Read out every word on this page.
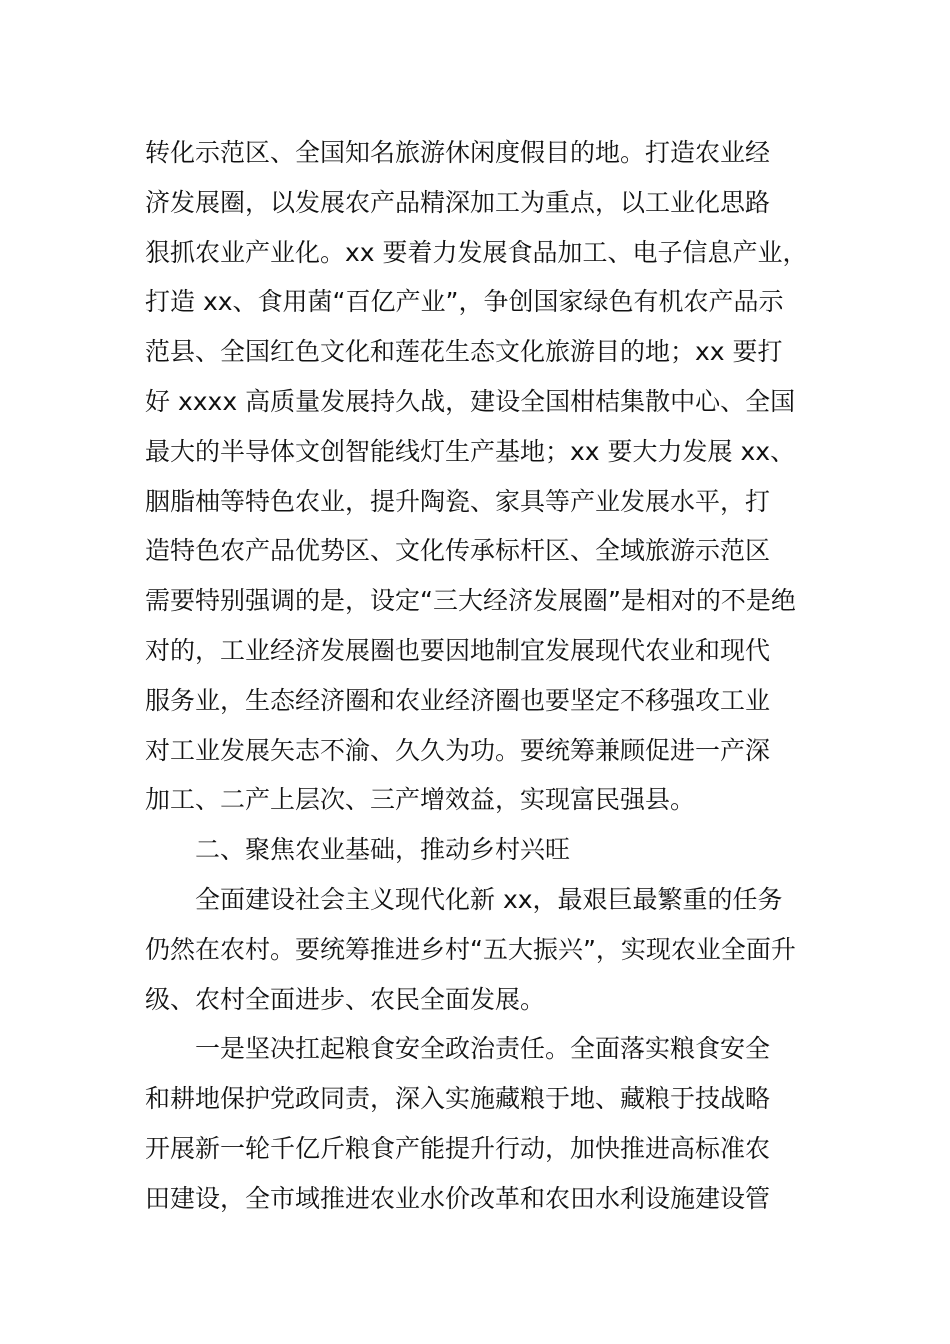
转化示范区、全国知名旅游休闲度假目的地。打造农业经
济发展圈，以发展农产品精深加工为重点，以工业化思路
狠抓农业产业化。xx 要着力发展食品加工、电子信息产业，
打造 xx、食用菌“百亿产业”，争创国家绿色有机农产品示
范县、全国红色文化和莲花生态文化旅游目的地；xx 要打
好 xxxx 高质量发展持久战，建设全国柑桔集散中心、全国
最大的半导体文创智能线灯生产基地；xx 要大力发展 xx、
胭脂柚等特色农业，提升陶瓷、家具等产业发展水平，打
造特色农产品优势区、文化传承标杆区、全域旅游示范区
需要特别强调的是，设定“三大经济发展圈”是相对的不是绝
对的，工业经济发展圈也要因地制宜发展现代农业和现代
服务业，生态经济圈和农业经济圈也要坚定不移强攻工业
对工业发展矢志不渝、久久为功。要统筹兼顾促进一产深
加工、二产上层次、三产增效益，实现富民强县。
二、聚焦农业基础，推动乡村兴旺
全面建设社会主义现代化新 xx，最艰巨最繁重的任务
仍然在农村。要统筹推进乡村“五大振兴”，实现农业全面升
级、农村全面进步、农民全面发展。
一是坚决扛起粮食安全政治责任。全面落实粮食安全
和耕地保护党政同责，深入实施藏粮于地、藏粮于技战略
开展新一轮千亿斤粮食产能提升行动，加快推进高标准农
田建设，全市域推进农业水价改革和农田水利设施建设管
